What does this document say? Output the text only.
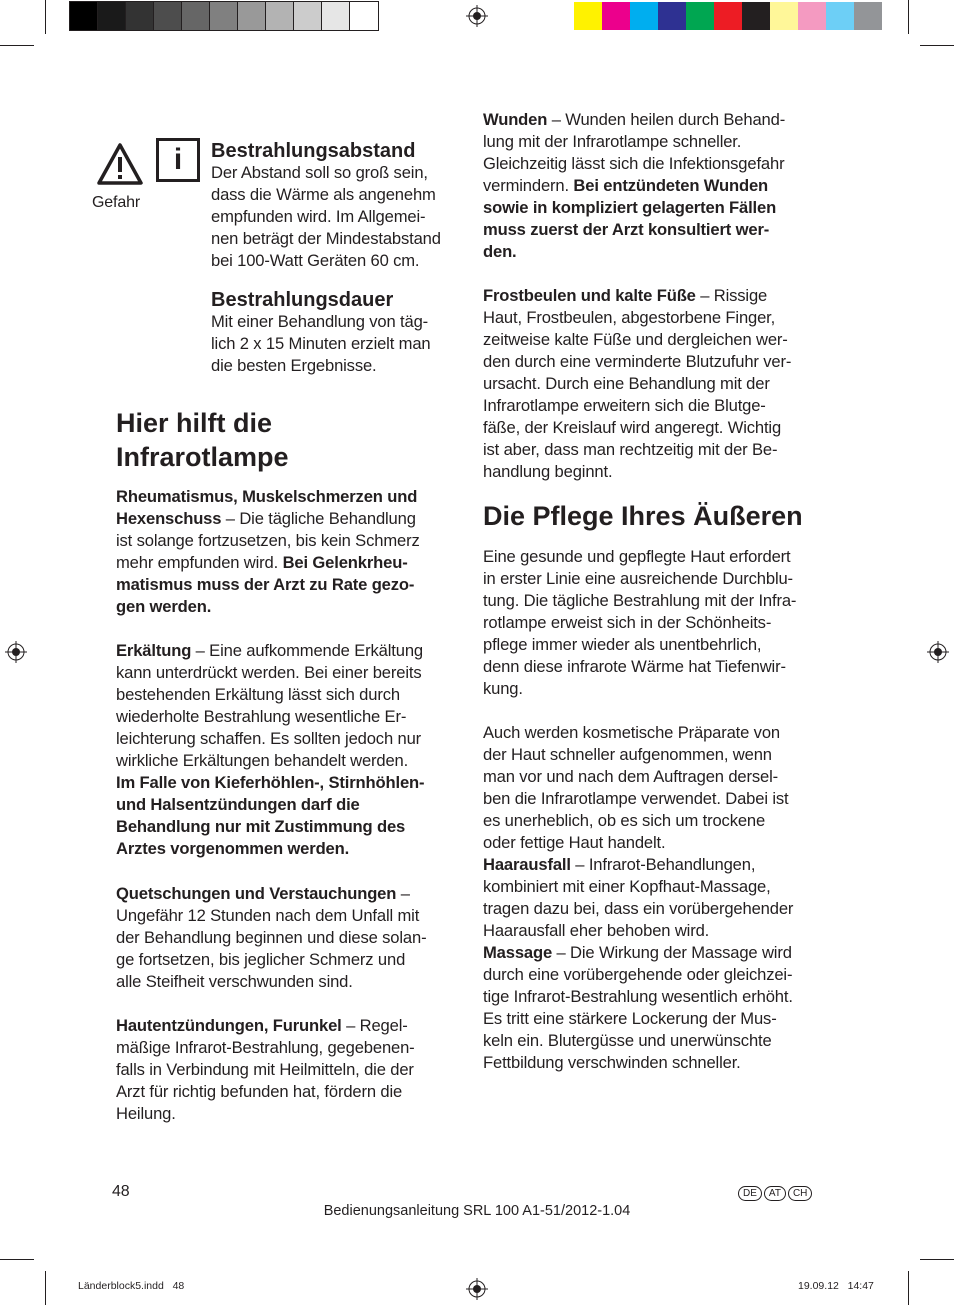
Gefahr
i	Bestrahlungsabstand

Der Abstand soll so groß sein,

dass die Wärme als angenehm

empfunden wird. Im Allgemei-

nen beträgt der Mindestabstand

bei 100-Watt Geräten 60 cm.

Bestrahlungsdauer

Mit einer Behandlung von täg-

lich 2 x 15 Minuten erzielt man

die besten Ergebnisse.

Hier hilft die
Infrarotlampe

Rheumatismus, Muskelschmerzen und

Hexenschuss – Die tägliche Behandlung

ist solange fortzusetzen, bis kein Schmerz

mehr empfunden wird. Bei Gelenkrheu-

matismus muss der Arzt zu Rate gezo-

gen werden.

Erkältung – Eine aufkommende Erkältung

kann unterdrückt werden. Bei einer bereits

bestehenden Erkältung lässt sich durch

wiederholte Bestrahlung wesentliche Er-

leichterung schaffen. Es sollten jedoch nur

wirkliche Erkältungen behandelt werden.

Im Falle von Kieferhöhlen-, Stirnhöhlen-

und Halsentzündungen darf die

Behandlung nur mit Zustimmung des

Arztes vorgenommen werden.

Quetschungen und Verstauchungen –

Ungefähr 12 Stunden nach dem Unfall mit

der Behandlung beginnen und diese solan-

ge fortsetzen, bis jeglicher Schmerz und

alle Steifheit verschwunden sind.

Hautentzündungen, Furunkel – Regel-

mäßige Infrarot-Bestrahlung, gegebenen-

falls in Verbindung mit Heilmitteln, die der

Arzt für richtig befunden hat, fördern die

Heilung.

Wunden – Wunden heilen durch Behand-

lung mit der Infrarotlampe schneller.

Gleichzeitig lässt sich die Infektionsgefahr

vermindern. Bei entzündeten Wunden

sowie in kompliziert gelagerten Fällen

muss zuerst der Arzt konsultiert wer-

den.

Frostbeulen und kalte Füße – Rissige

Haut, Frostbeulen, abgestorbene Finger,

zeitweise kalte Füße und dergleichen wer-

den durch eine verminderte Blutzufuhr ver-

ursacht. Durch eine Behandlung mit der

Infrarotlampe erweitern sich die Blutge-

fäße, der Kreislauf wird angeregt. Wichtig

ist aber, dass man rechtzeitig mit der Be-

handlung beginnt.

Die Pflege Ihres Äußeren

Eine gesunde und gepflegte Haut erfordert

in erster Linie eine ausreichende Durchblu-

tung. Die tägliche Bestrahlung mit der Infra-

rotlampe erweist sich in der Schönheits-

pflege immer wieder als unentbehrlich,

denn diese infrarote Wärme hat Tiefenwir-

kung.

Auch werden kosmetische Präparate von

der Haut schneller aufgenommen, wenn

man vor und nach dem Auftragen dersel-

ben die Infrarotlampe verwendet. Dabei ist

es unerheblich, ob es sich um trockene

oder fettige Haut handelt.

Haarausfall – Infrarot-Behandlungen,

kombiniert mit einer Kopfhaut-Massage,

tragen dazu bei, dass ein vorübergehender

Haarausfall eher behoben wird.

Massage – Die Wirkung der Massage wird

durch eine vorübergehende oder gleichzei-

tige Infrarot-Bestrahlung wesentlich erhöht.

Es tritt eine stärkere Lockerung der Mus-

keln ein. Blutergüsse und unerwünschte

Fettbildung verschwinden schneller.

48	DE AT CH
Bedienungsanleitung SRL 100 A1-51/2012-1.04
Länderblock5.indd   48	19.09.12   14:47
